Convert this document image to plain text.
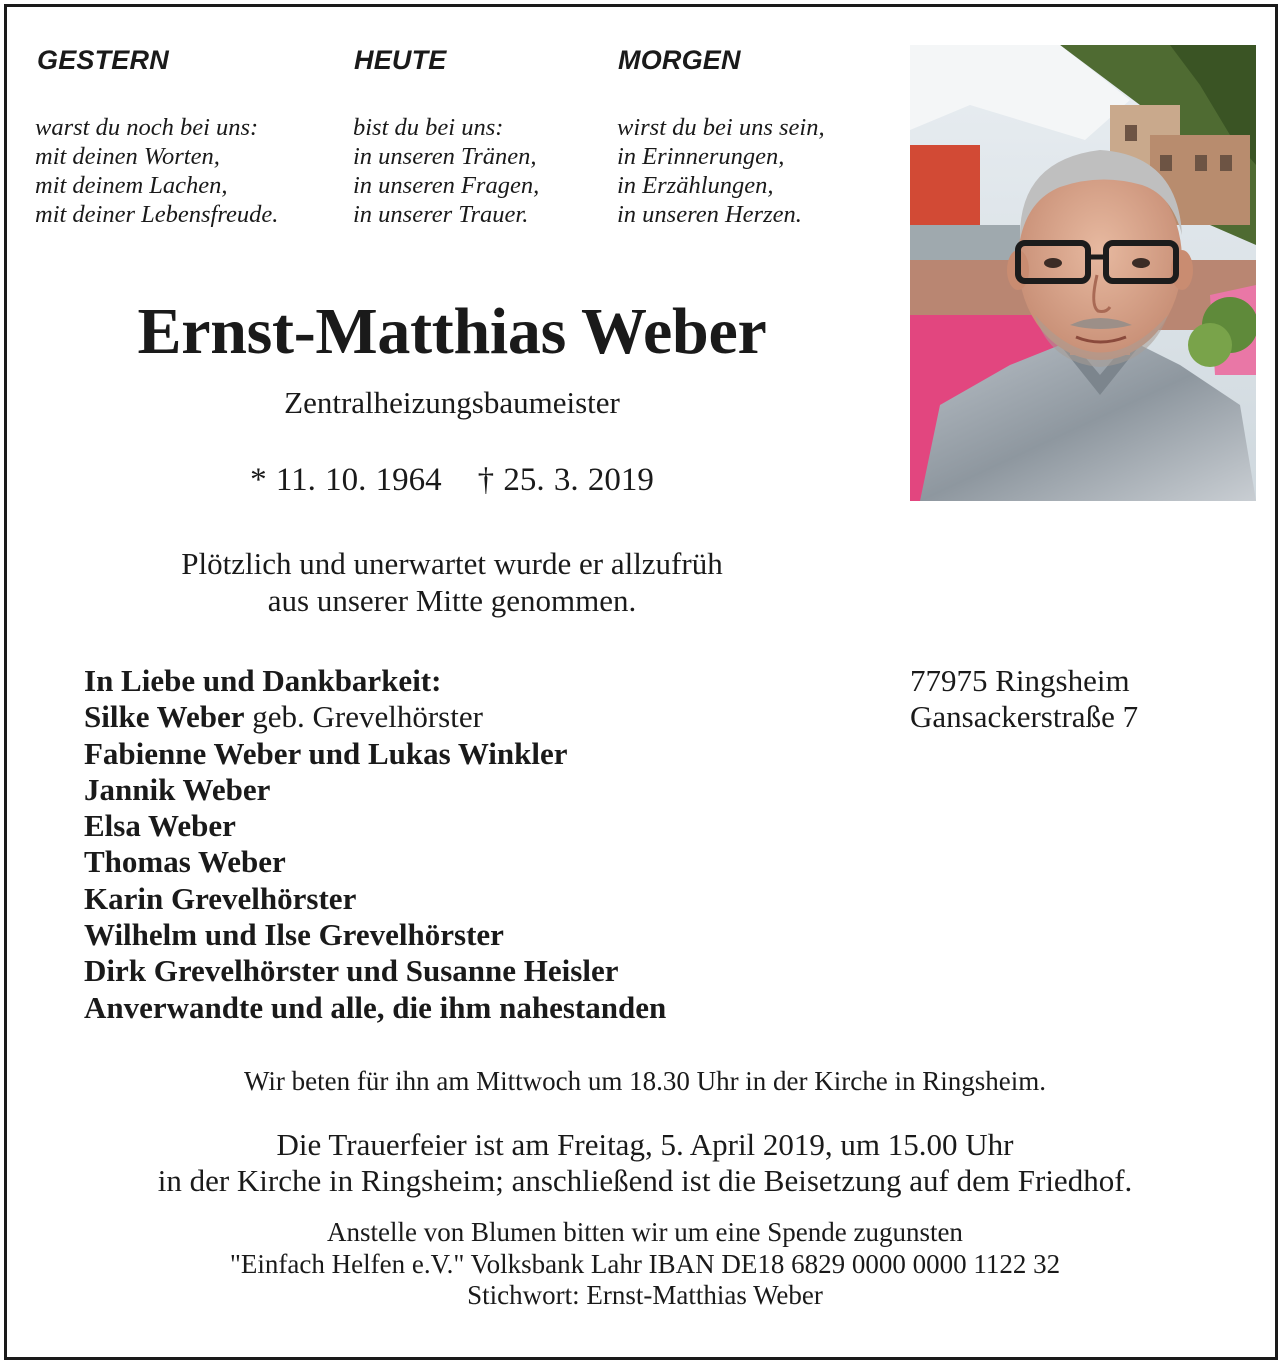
GESTERN	HEUTE	MORGEN
warst du noch bei uns:
mit deinen Worten,
mit deinem Lachen,
mit deiner Lebensfreude.
bist du bei uns:
in unseren Tränen,
in unseren Fragen,
in unserer Trauer.
wirst du bei uns sein,
in Erinnerungen,
in Erzählungen,
in unseren Herzen.
Ernst-Matthias Weber
Zentralheizungsbaumeister
* 11. 10. 1964 † 25. 3. 2019
Plötzlich und unerwartet wurde er allzufrüh
aus unserer Mitte genommen.
In Liebe und Dankbarkeit:
Silke Weber geb. Grevelhörster
Fabienne Weber und Lukas Winkler
Jannik Weber
Elsa Weber
Thomas Weber
Karin Grevelhörster
Wilhelm und Ilse Grevelhörster
Dirk Grevelhörster und Susanne Heisler
Anverwandte und alle, die ihm nahestanden
77975 Ringsheim
Gansackerstraße 7
Wir beten für ihn am Mittwoch um 18.30 Uhr in der Kirche in Ringsheim.
Die Trauerfeier ist am Freitag, 5. April 2019, um 15.00 Uhr
in der Kirche in Ringsheim; anschließend ist die Beisetzung auf dem Friedhof.
Anstelle von Blumen bitten wir um eine Spende zugunsten
"Einfach Helfen e.V." Volksbank Lahr IBAN DE18 6829 0000 0000 1122 32
Stichwort: Ernst-Matthias Weber
